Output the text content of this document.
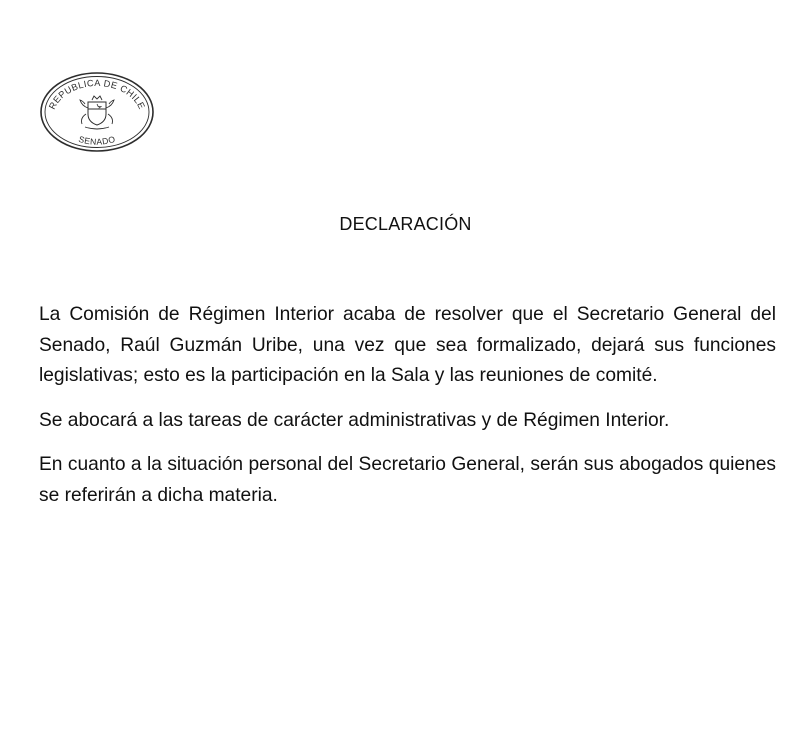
REPUBLICA DE CHILE
SENADO
DECLARACIÓN

La Comisión de Régimen Interior acaba de resolver que el Secretario General del Senado, Raúl Guzmán Uribe, una vez que sea formalizado, dejará sus funciones legislativas; esto es la participación en la Sala y las reuniones de comité.

Se abocará a las tareas de carácter administrativas y de Régimen Interior.

En cuanto a la situación personal del Secretario General, serán sus abogados quienes se referirán a dicha materia.
